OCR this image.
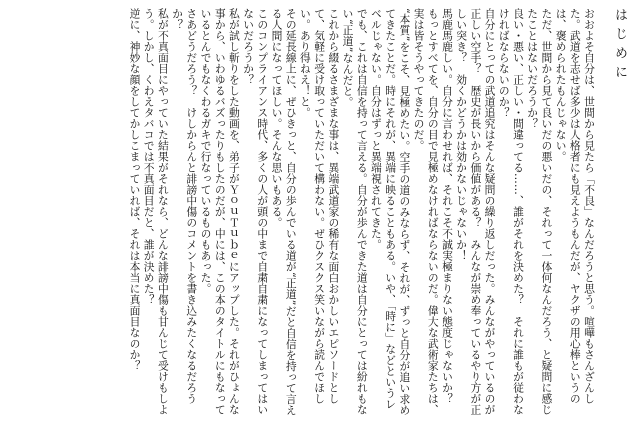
はじめに

おおよそ自分は、世間から見たら「不良」なんだろうと思う。喧嘩もさんざんした。武道を志せば多少は人格者にも見えようもんだが、ヤクザの用心棒というのは、褒められたもんじゃない。

ただ、世間から見て良いだの悪いだの、それって一体何なんだろう、と疑問に感じたことはないだろうか？

良い・悪い、正しい・間違ってる……、誰がそれを決めた？　それに誰もが従わなければならないのか？

自分にとっての武道追究はそんな疑問の繰り返しだった。みんながやっているのが正しい空手？　歴史が長いから価値がある？　みんなが崇め奉っているやり方が正しい突き？　効くかどうかは効かないじゃないか！

馬鹿馬鹿しい。自分に言わせれば、それこそ不誠実極まりない態度じゃないか？

もっとすべてを、自分の目で見極めなければならないのだ。偉大な武術家たちは、実は皆そうやってきたのだ。

“本質”をこそ、見極めたい。空手の道のみならず、それが、ずっと自分が追い求めてきたことだ。時にそれが、異端に映ることもある。いや、「時に」などというレベルじゃない。自分はずっと異端視されてきた。

でも、これは自信を持って言える。自分が歩んできた道は自分にとっては紛れもない“正道”なんだと。

これから綴るさまざまな事は、異端武道家の稀有な面白おかしいエピソードとして、気軽に受け取っていただいて構わない。ぜひクスクス笑いながら読んでほしい。あり得ねえ！と。

その延長線上に、ぜひきっと、自分の歩んでいる道が“正道”だと自信を持って言える人間になってほしい。そんな思いもある。

このコンプライアンス時代、多くの人が頭の中まで自粛自粛になってしまってはいないだろうか？

私が試し斬りをした動画を、弟子がＹｏｕＴｕｂｅにアップした。それがひょんな事から、いわゆるバズったりもしたのだが、中には、この本のタイトルにもなっているとんでもなくわるガキで行なっているものもあった。

さあどうだろう？　けしからんと誹謗中傷のコメントを書き込みたくなるだろうか？

私が不真面目にやっていた結果がそれなら、どんな誹謗中傷も甘んじて受けもしよう。しかし、くわえタバコでは不真面目だと、誰が決めた？

逆に、神妙な顔をしてかしこまっていれば、それは本当に真面目なのか？
